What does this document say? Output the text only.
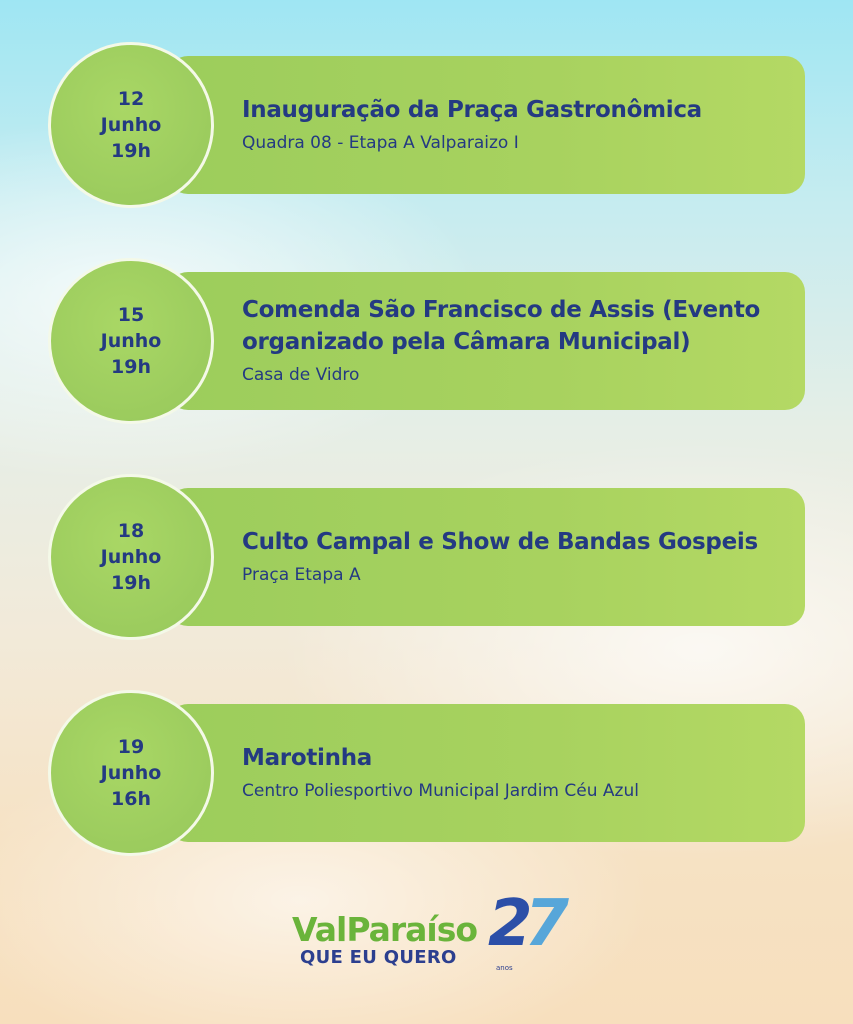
12
Junho
19h
Inauguração da Praça Gastronômica
Quadra 08 - Etapa A Valparaizo I
15
Junho
19h
Comenda São Francisco de Assis (Evento organizado pela Câmara Municipal)
Casa de Vidro
18
Junho
19h
Culto Campal e Show de Bandas Gospeis
Praça Etapa A
19
Junho
16h
Marotinha
Centro Poliesportivo Municipal Jardim Céu Azul
ValParaíso
QUE EU QUERO 27
anos
